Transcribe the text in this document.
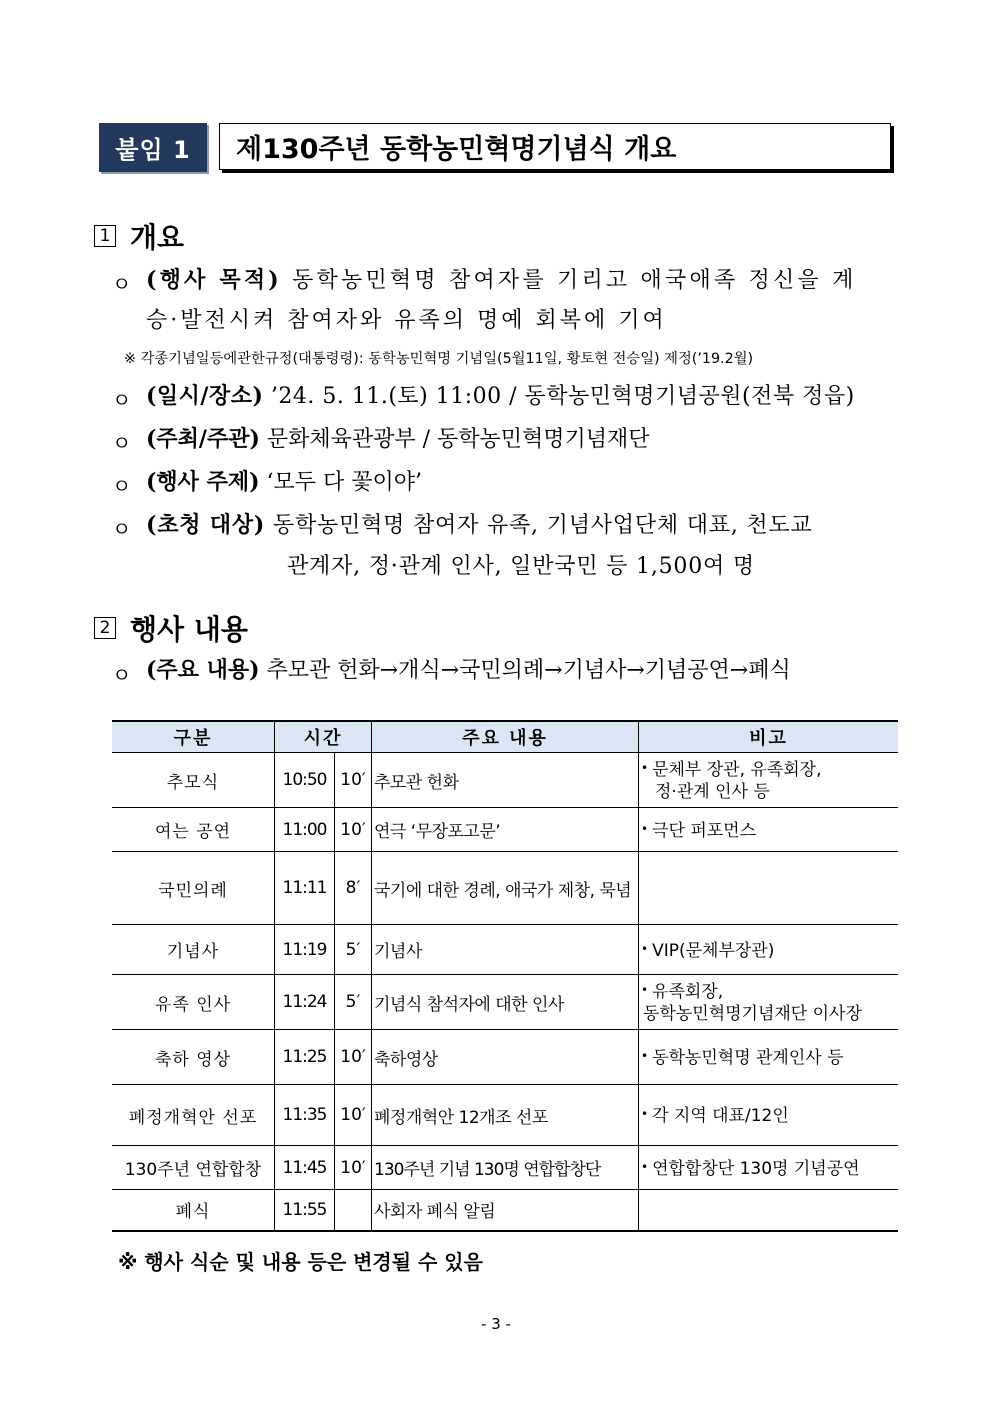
붙임 1	제130주년 동학농민혁명기념식 개요
1 개요
ㅇ (행사 목적) 동학농민혁명 참여자를 기리고 애국애족 정신을 계
승·발전시켜 참여자와 유족의 명예 회복에 기여
※ 각종기념일등에관한규정(대통령령): 동학농민혁명 기념일(5월11일, 황토현 전승일) 제정(’19.2월)
ㅇ (일시/장소) ’24. 5. 11.(토) 11:00 / 동학농민혁명기념공원(전북 정읍)
ㅇ (주최/주관) 문화체육관광부 / 동학농민혁명기념재단
ㅇ (행사 주제) ‘모두 다 꽃이야’
ㅇ (초청 대상) 동학농민혁명 참여자 유족, 기념사업단체 대표, 천도교
관계자, 정·관계 인사, 일반국민 등 1,500여 명
2 행사 내용
ㅇ (주요 내용) 추모관 헌화→개식→국민의례→기념사→기념공연→폐식
구분	시간		주요 내용	비고
추모식	10:50	10′	추모관 헌화	• 문체부 장관, 유족회장,
정·관계 인사 등
여는 공연	11:00	10′	연극 ‘무장포고문’	• 극단 퍼포먼스
국민의례	11:11	8′	국기에 대한 경례, 애국가 제창, 묵념	
기념사	11:19	5′	기념사	• VIP(문체부장관)
유족 인사	11:24	5′	기념식 참석자에 대한 인사	• 유족회장,
동학농민혁명기념재단 이사장
축하 영상	11:25	10′	축하영상	• 동학농민혁명 관계인사 등
폐정개혁안 선포	11:35	10′	폐정개혁안 12개조 선포	• 각 지역 대표/12인
130주년 연합합창	11:45	10′	130주년 기념 130명 연합합창단	• 연합합창단 130명 기념공연
폐식	11:55		사회자 폐식 알림	
※ 행사 식순 및 내용 등은 변경될 수 있음
- 3 -
